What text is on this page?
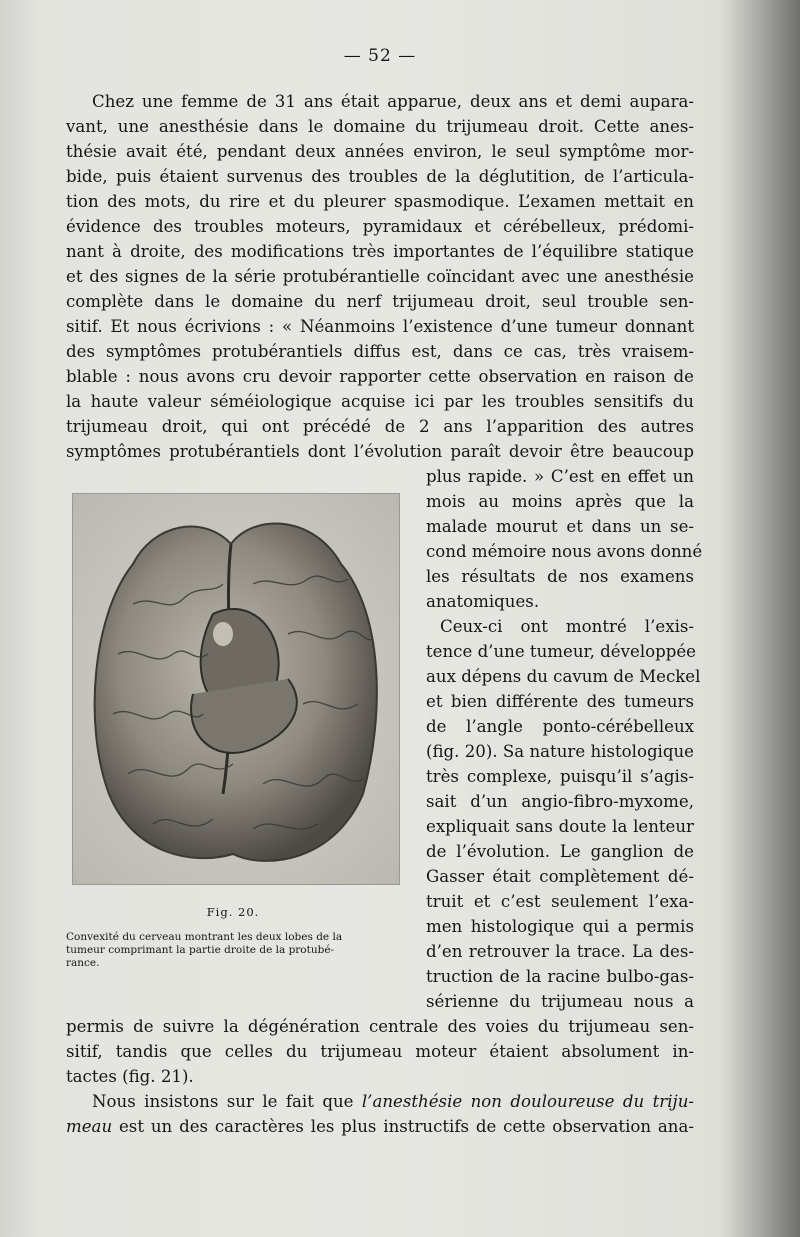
— 52 —
Chez une femme de 31 ans était apparue, deux ans et demi aupara-
vant, une anesthésie dans le domaine du trijumeau droit. Cette anes-
thésie avait été, pendant deux années environ, le seul symptôme mor-
bide, puis étaient survenus des troubles de la déglutition, de l’articula-
tion des mots, du rire et du pleurer spasmodique. L’examen mettait en
évidence des troubles moteurs, pyramidaux et cérébelleux, prédomi-
nant à droite, des modifications très importantes de l’équilibre statique
et des signes de la série protubérantielle coïncidant avec une anesthésie
complète dans le domaine du nerf trijumeau droit, seul trouble sen-
sitif. Et nous écrivions : « Néanmoins l’existence d’une tumeur donnant
des symptômes protubérantiels diffus est, dans ce cas, très vraisem-
blable : nous avons cru devoir rapporter cette observation en raison de
la haute valeur séméiologique acquise ici par les troubles sensitifs du
trijumeau droit, qui ont précédé de 2 ans l’apparition des autres
symptômes protubérantiels dont l’évolution paraît devoir être beaucoup
plus rapide. » C’est en effet un
mois au moins après que la
malade mourut et dans un se-
cond mémoire nous avons donné
les résultats de nos examens
anatomiques.
Ceux-ci ont montré l’exis-
tence d’une tumeur, développée
aux dépens du cavum de Meckel
et bien différente des tumeurs
de l’angle ponto-cérébelleux
(fig. 20). Sa nature histologique
très complexe, puisqu’il s’agis-
sait d’un angio-fibro-myxome,
expliquait sans doute la lenteur
de l’évolution. Le ganglion de
Gasser était complètement dé-
truit et c’est seulement l’exa-
men histologique qui a permis
d’en retrouver la trace. La des-
truction de la racine bulbo-gas-
sérienne du trijumeau nous a
Fig. 20.
Convexité du cerveau montrant les deux lobes de la
tumeur comprimant la partie droite de la protubé-
rance.
permis de suivre la dégénération centrale des voies du trijumeau sen-
sitif, tandis que celles du trijumeau moteur étaient absolument in-
tactes (fig. 21).
Nous insistons sur le fait que l’anesthésie non douloureuse du triju-
meau est un des caractères les plus instructifs de cette observation ana-
